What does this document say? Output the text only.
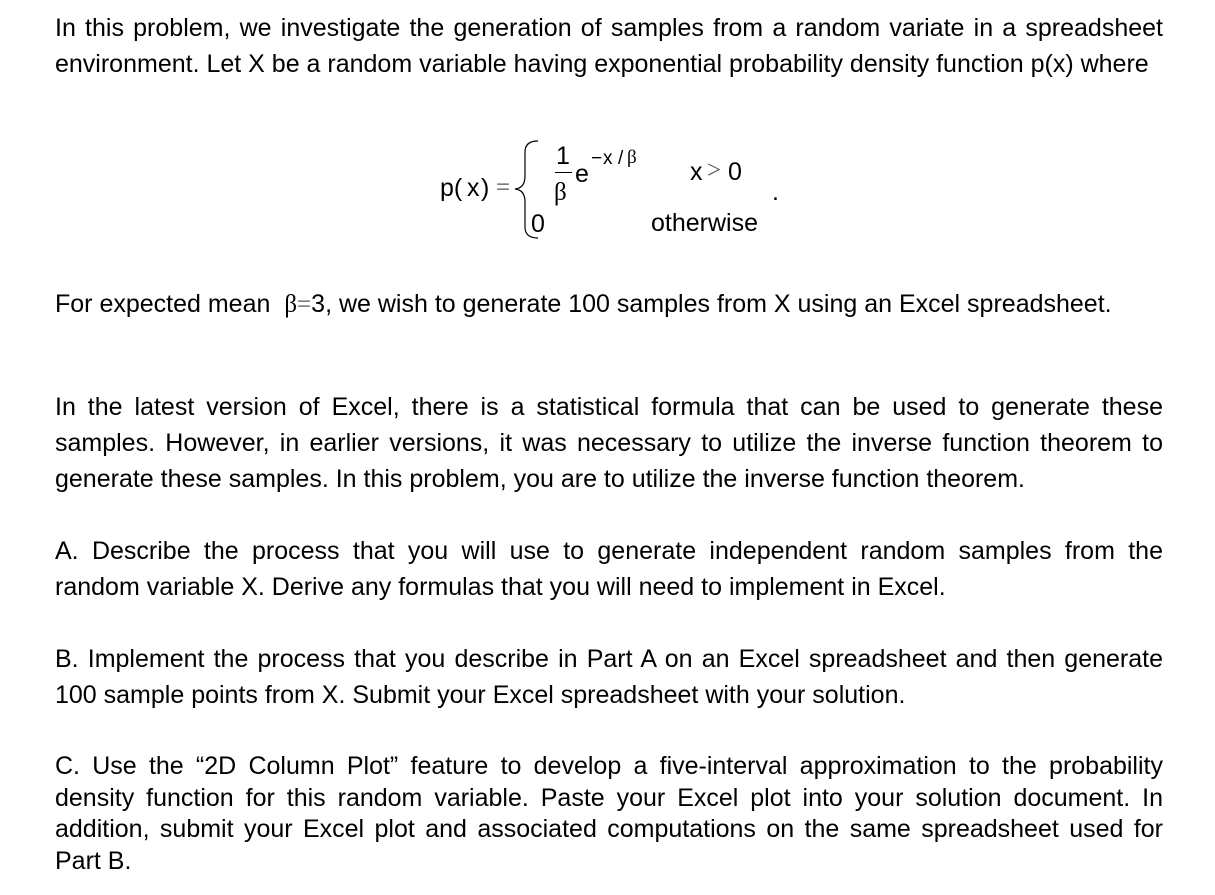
In this problem, we investigate the generation of samples from a random variate in a spreadsheet environment. Let X be a random variable having exponential probability density function p(x) where

p( x ) =
1
β
e
− x / β
x > 0
0	otherwise
.

For expected mean β=3, we wish to generate 100 samples from X using an Excel spreadsheet.

In the latest version of Excel, there is a statistical formula that can be used to generate these samples. However, in earlier versions, it was necessary to utilize the inverse function theorem to generate these samples. In this problem, you are to utilize the inverse function theorem.

A. Describe the process that you will use to generate independent random samples from the random variable X. Derive any formulas that you will need to implement in Excel.

B. Implement the process that you describe in Part A on an Excel spreadsheet and then generate 100 sample points from X. Submit your Excel spreadsheet with your solution.

C. Use the “2D Column Plot” feature to develop a five-interval approximation to the probability density function for this random variable. Paste your Excel plot into your solution document. In addition, submit your Excel plot and associated computations on the same spreadsheet used for Part B.
